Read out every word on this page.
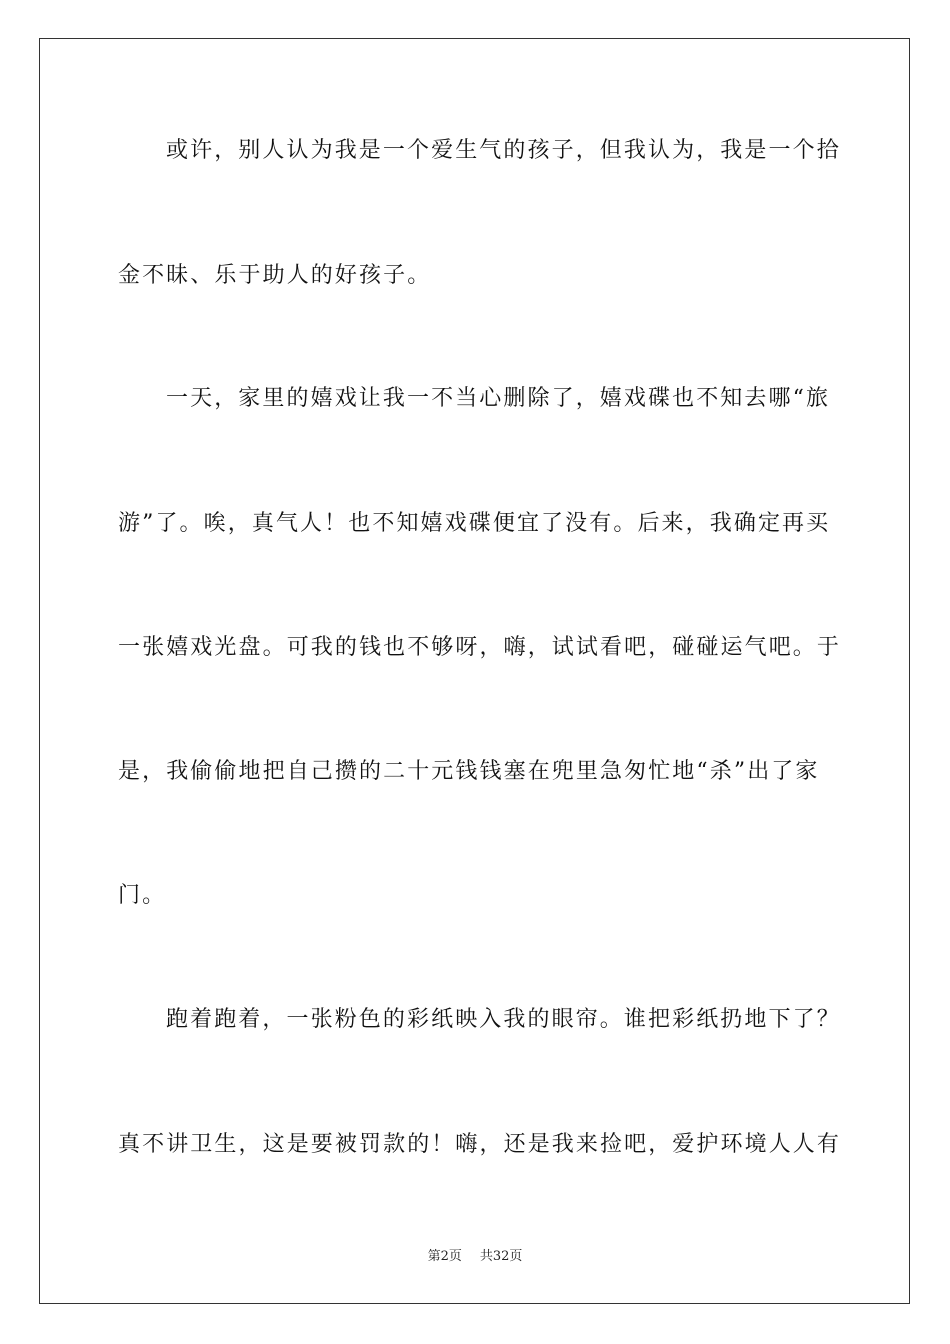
或许，别人认为我是一个爱生气的孩子，但我认为，我是一个拾
金不昧、乐于助人的好孩子。
一天，家里的嬉戏让我一不当心删除了，嬉戏碟也不知去哪“旅
游”了。唉，真气人！也不知嬉戏碟便宜了没有。后来，我确定再买
一张嬉戏光盘。可我的钱也不够呀，嗨，试试看吧，碰碰运气吧。于
是，我偷偷地把自己攒的二十元钱钱塞在兜里急匆忙地“杀”出了家
门。
跑着跑着，一张粉色的彩纸映入我的眼帘。谁把彩纸扔地下了？
真不讲卫生，这是要被罚款的！嗨，还是我来捡吧，爱护环境人人有
第2页 共32页
